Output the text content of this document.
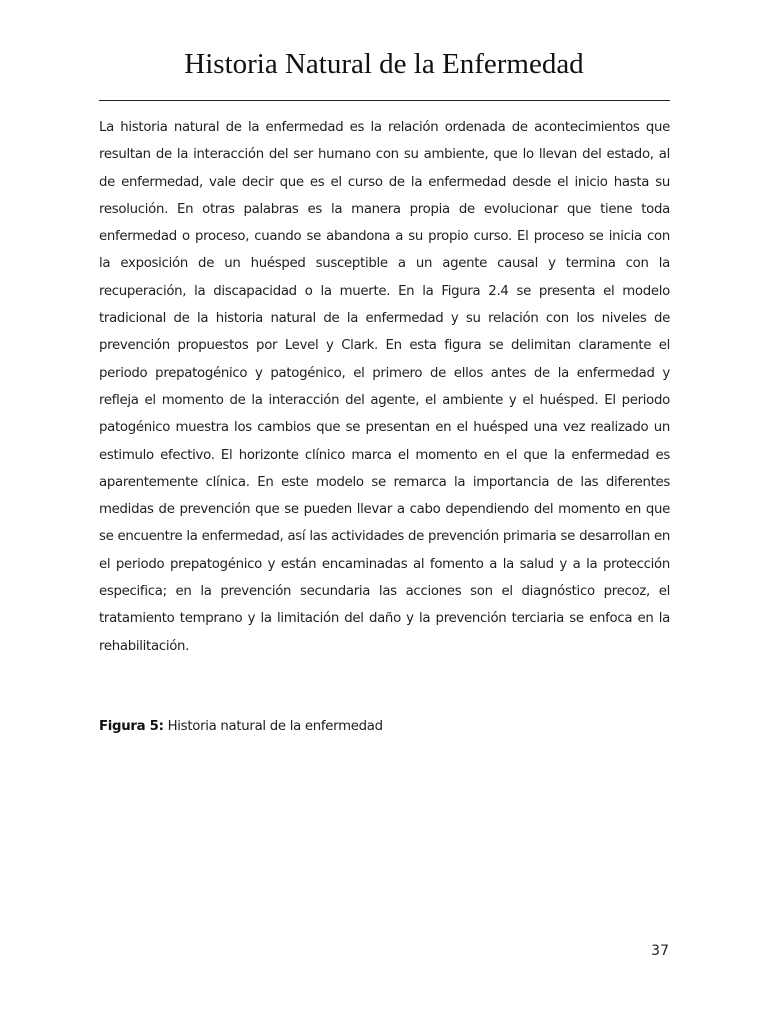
Historia Natural de la Enfermedad
La historia natural de la enfermedad es la relación ordenada de acontecimientos que
resultan de la interacción del ser humano con su ambiente, que lo llevan del estado, al
de enfermedad, vale decir que es el curso de la enfermedad desde el inicio hasta su
resolución. En otras palabras es la manera propia de evolucionar que tiene toda
enfermedad o proceso, cuando se abandona a su propio curso. El proceso se inicia con
la exposición de un huésped susceptible a un agente causal y termina con la
recuperación, la discapacidad o la muerte. En la Figura 2.4 se presenta el modelo
tradicional de la historia natural de la enfermedad y su relación con los niveles de
prevención propuestos por Level y Clark. En esta figura se delimitan claramente el
periodo prepatogénico y patogénico, el primero de ellos antes de la enfermedad y
refleja el momento de la interacción del agente, el ambiente y el huésped. El periodo
patogénico muestra los cambios que se presentan en el huésped una vez realizado un
estimulo efectivo. El horizonte clínico marca el momento en el que la enfermedad es
aparentemente clínica. En este modelo se remarca la importancia de las diferentes
medidas de prevención que se pueden llevar a cabo dependiendo del momento en que
se encuentre la enfermedad, así las actividades de prevención primaria se desarrollan en
el periodo prepatogénico y están encaminadas al fomento a la salud y a la protección
especifica; en la prevención secundaria las acciones son el diagnóstico precoz, el
tratamiento temprano y la limitación del daño y la prevención terciaria se enfoca en la
rehabilitación.
Figura 5: Historia natural de la enfermedad
37
